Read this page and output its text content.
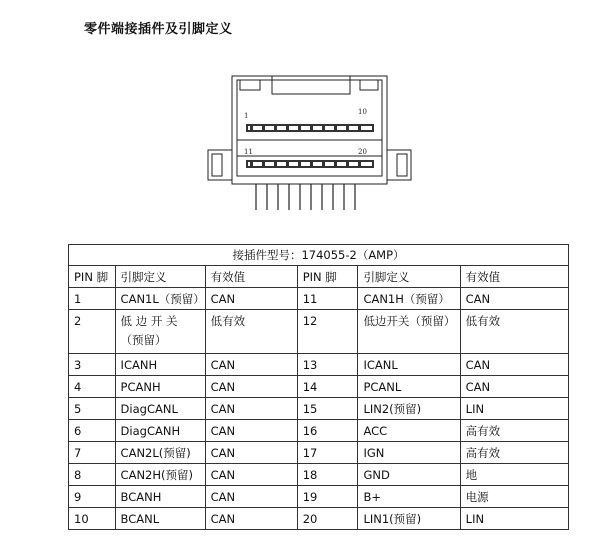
零件端接插件及引脚定义
1	10
11	20
接插件型号：174055-2（AMP）					
PIN 脚	引脚定义	有效值	PIN 脚	引脚定义	有效值
1	CAN1L（预留）	CAN	11	CAN1H（预留）	CAN
2	低 边 开 关（预留）	低有效	12	低边开关（预留）	低有效
3	ICANH	CAN	13	ICANL	CAN
4	PCANH	CAN	14	PCANL	CAN
5	DiagCANL	CAN	15	LIN2(预留)	LIN
6	DiagCANH	CAN	16	ACC	高有效
7	CAN2L(预留)	CAN	17	IGN	高有效
8	CAN2H(预留)	CAN	18	GND	地
9	BCANH	CAN	19	B+	电源
10	BCANL	CAN	20	LIN1(预留)	LIN
